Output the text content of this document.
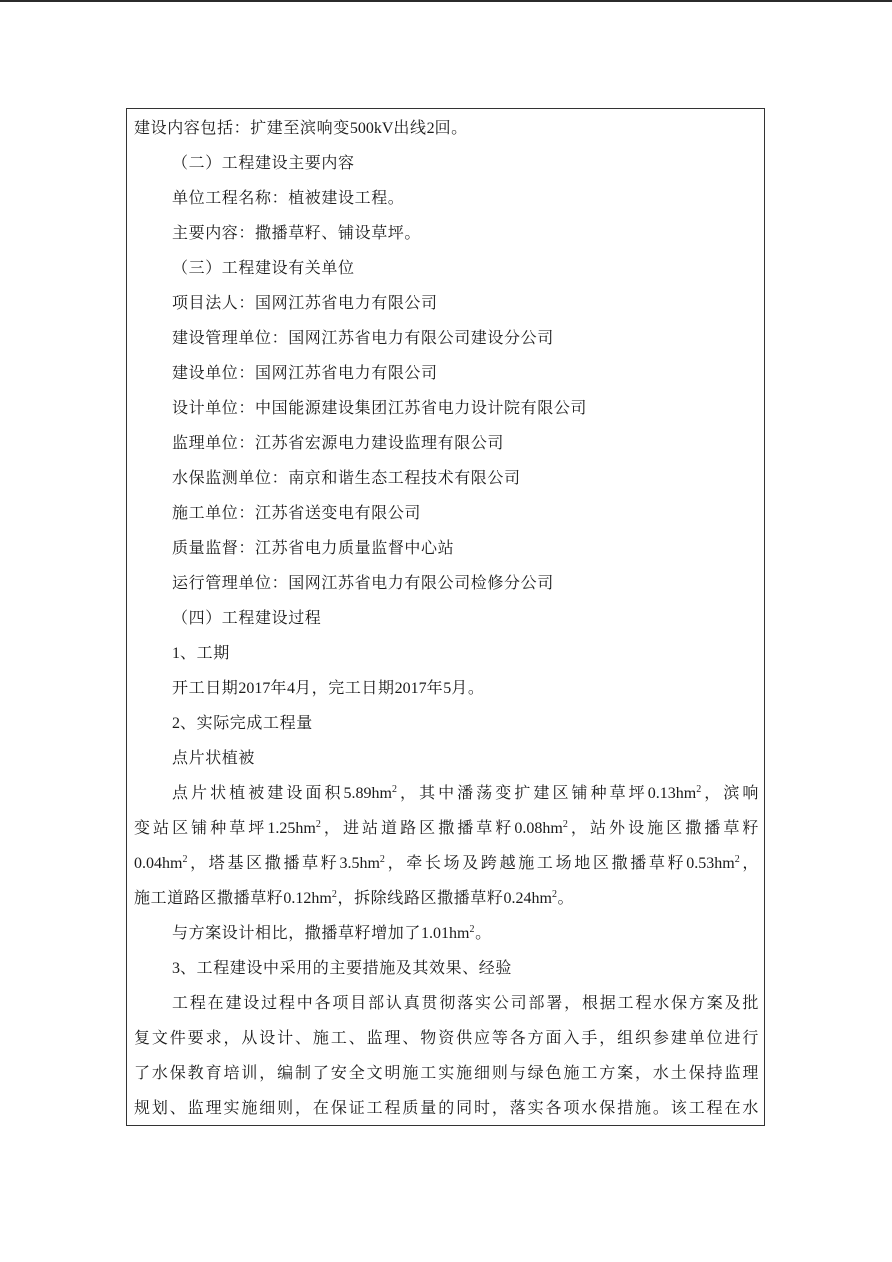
建设内容包括：扩建至滨响变500kV出线2回。
（二）工程建设主要内容
单位工程名称：植被建设工程。
主要内容：撒播草籽、铺设草坪。
（三）工程建设有关单位
项目法人：国网江苏省电力有限公司
建设管理单位：国网江苏省电力有限公司建设分公司
建设单位：国网江苏省电力有限公司
设计单位：中国能源建设集团江苏省电力设计院有限公司
监理单位：江苏省宏源电力建设监理有限公司
水保监测单位：南京和谐生态工程技术有限公司
施工单位：江苏省送变电有限公司
质量监督：江苏省电力质量监督中心站
运行管理单位：国网江苏省电力有限公司检修分公司
（四）工程建设过程
1、工期
开工日期2017年4月，完工日期2017年5月。
2、实际完成工程量
点片状植被
点片状植被建设面积$5.89hm^2$，其中潘荡变扩建区铺种草坪$0.13hm^2$，滨响
变站区铺种草坪$1.25hm^2$，进站道路区撒播草籽$0.08hm^2$，站外设施区撒播草籽
$0.04hm^2$，塔基区撒播草籽$3.5hm^2$，牵长场及跨越施工场地区撒播草籽$0.53hm^2$，
施工道路区撒播草籽$0.12hm^2$，拆除线路区撒播草籽$0.24hm^2$。
与方案设计相比，撒播草籽增加了$1.01hm^2$。
3、工程建设中采用的主要措施及其效果、经验
工程在建设过程中各项目部认真贯彻落实公司部署，根据工程水保方案及批
复文件要求，从设计、施工、监理、物资供应等各方面入手，组织参建单位进行
了水保教育培训，编制了安全文明施工实施细则与绿色施工方案，水土保持监理
规划、监理实施细则，在保证工程质量的同时，落实各项水保措施。该工程在水
